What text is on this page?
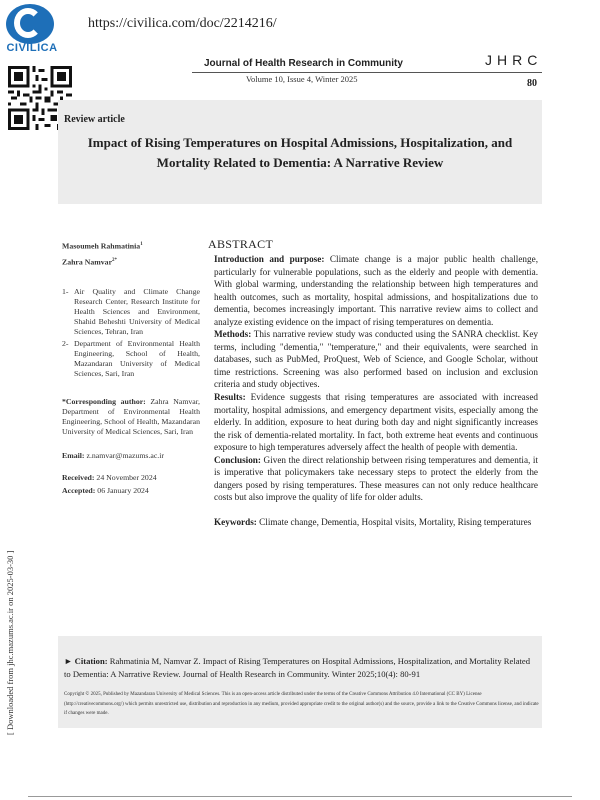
CIVILICA
https://civilica.com/doc/2214216/
Journal of Health Research in Community	JHRC
Volume 10, Issue 4, Winter 2025	80
Review article
Impact of Rising Temperatures on Hospital Admissions, Hospitalization, and
Mortality Related to Dementia: A Narrative Review

Masoumeh Rahmatinia$^1$

Zahra Namvar$^{2*}$

1- Air Quality and Climate Change Research Center, Research Institute for Health Sciences and Environment, Shahid Beheshti University of Medical Sciences, Tehran, Iran
2- Department of Environmental Health Engineering, School of Health, Mazandaran University of Medical Sciences, Sari, Iran

*Corresponding author: Zahra Namvar, Department of Environmental Health Engineering, School of Health, Mazandaran University of Medical Sciences, Sari, Iran

Email: z.namvar@mazums.ac.ir

Received: 24 November 2024

Accepted: 06 January 2024

ABSTRACT

Introduction and purpose: Climate change is a major public health challenge, particularly for vulnerable populations, such as the elderly and people with dementia. With global warming, understanding the relationship between high temperatures and health outcomes, such as mortality, hospital admissions, and hospitalizations due to dementia, becomes increasingly important. This narrative review aims to collect and analyze existing evidence on the impact of rising temperatures on dementia.

Methods: This narrative review study was conducted using the SANRA checklist. Key terms, including "dementia," "temperature," and their equivalents, were searched in databases, such as PubMed, ProQuest, Web of Science, and Google Scholar, without time restrictions. Screening was also performed based on inclusion and exclusion criteria and study objectives.

Results: Evidence suggests that rising temperatures are associated with increased mortality, hospital admissions, and emergency department visits, especially among the elderly. In addition, exposure to heat during both day and night significantly increases the risk of dementia-related mortality. In fact, both extreme heat events and continuous exposure to high temperatures adversely affect the health of people with dementia.

Conclusion: Given the direct relationship between rising temperatures and dementia, it is imperative that policymakers take necessary steps to protect the elderly from the dangers posed by rising temperatures. These measures can not only reduce healthcare costs but also improve the quality of life for older adults.

Keywords: Climate change, Dementia, Hospital visits, Mortality, Rising temperatures

► Citation: Rahmatinia M, Namvar Z. Impact of Rising Temperatures on Hospital Admissions, Hospitalization, and Mortality Related to Dementia: A Narrative Review. Journal of Health Research in Community. Winter 2025;10(4): 80-91
Copyright © 2025, Published by Mazandaran University of Medical Sciences. This is an open-access article distributed under the terms of the Creative Commons Attribution 4.0 International (CC BY) License (http://creativecommons.org/) which permits unrestricted use, distribution and reproduction in any medium, provided appropriate credit to the original author(s) and the source, provide a link to the Creative Commons license, and indicate if changes were made.
[ Downloaded from jhc.mazums.ac.ir on 2025-03-30 ]
